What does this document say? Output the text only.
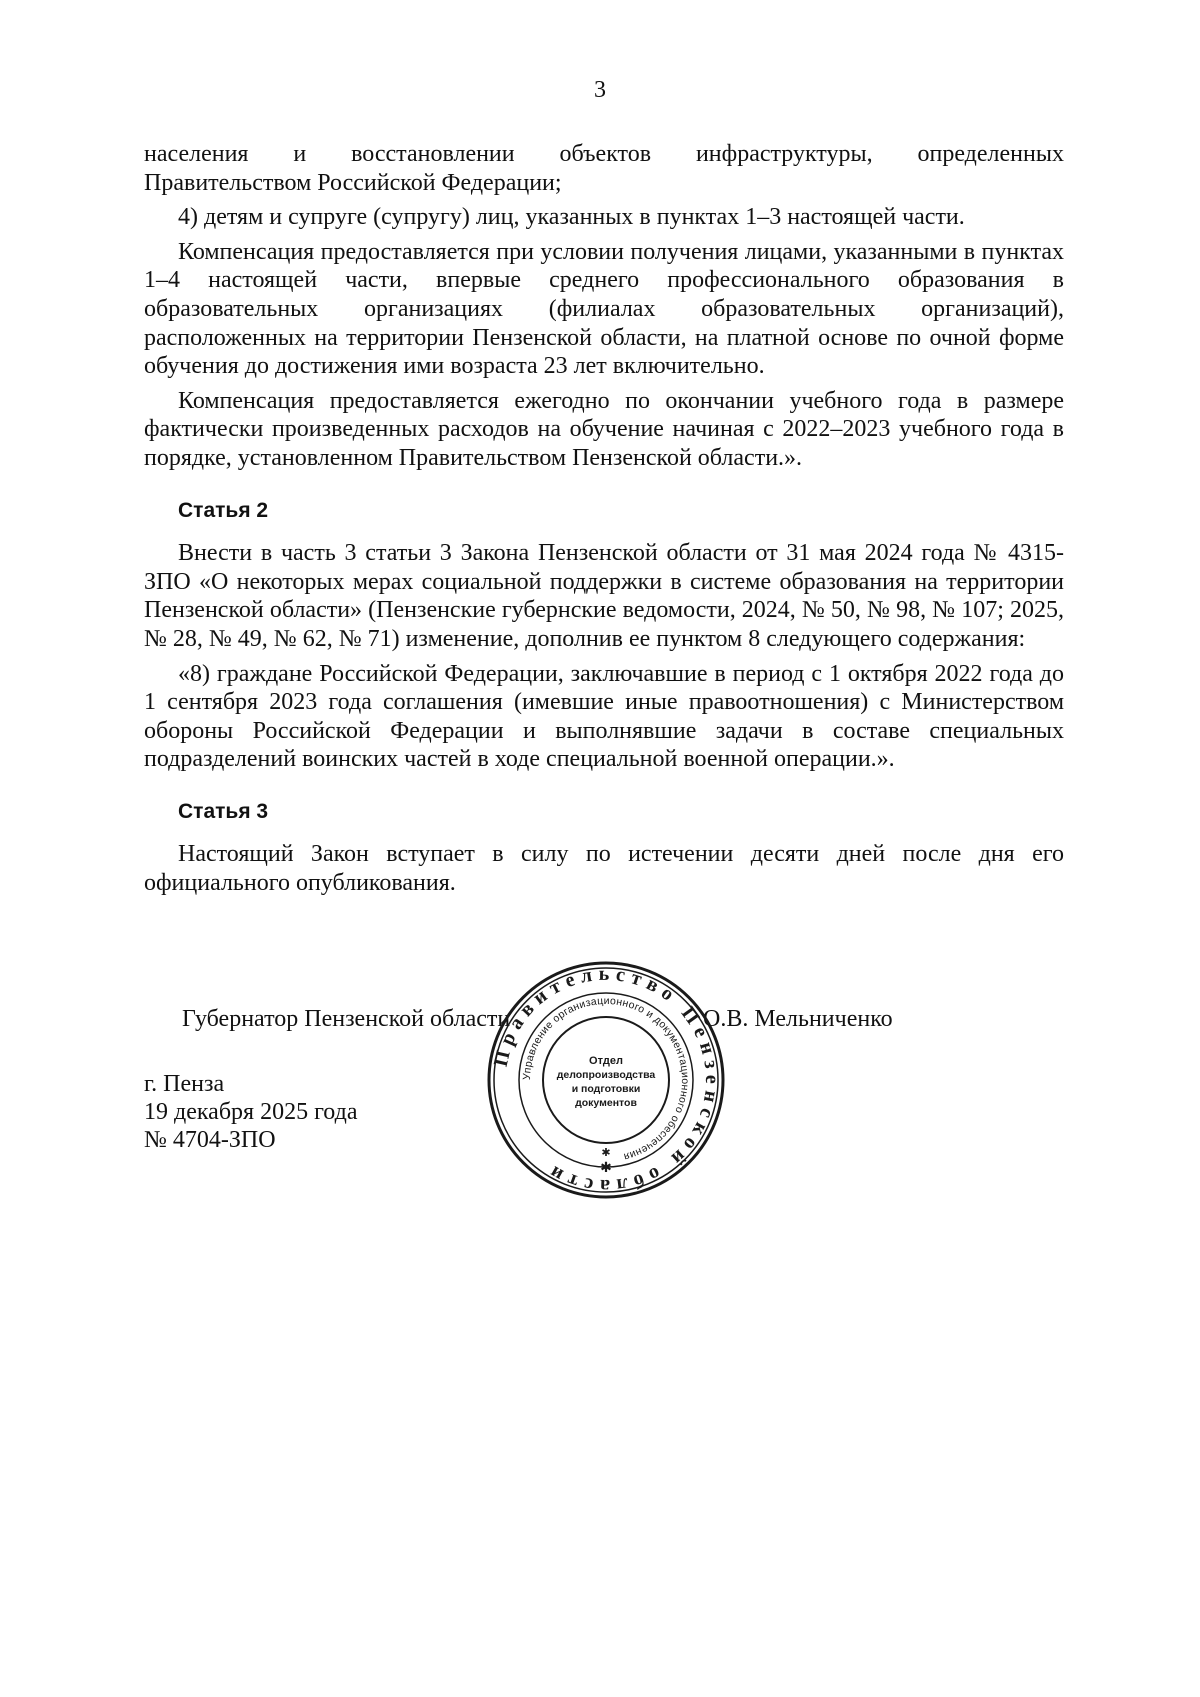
3

населения и восстановлении объектов инфраструктуры, определенных

Правительством Российской Федерации;

4) детям и супруге (супругу) лиц, указанных в пунктах 1–3 настоящей части.

Компенсация предоставляется при условии получения лицами, указанными в пунктах 1–4 настоящей части, впервые среднего профессионального образования в образовательных организациях (филиалах образовательных организаций), расположенных на территории Пензенской области, на платной основе по очной форме обучения до достижения ими возраста 23 лет включительно.

Компенсация предоставляется ежегодно по окончании учебного года в размере фактически произведенных расходов на обучение начиная с 2022–2023 учебного года в порядке, установленном Правительством Пензенской области.».

Статья 2

Внести в часть 3 статьи 3 Закона Пензенской области от 31 мая 2024 года № 4315-ЗПО «О некоторых мерах социальной поддержки в системе образования на территории Пензенской области» (Пензенские губернские ведомости, 2024, № 50, № 98, № 107; 2025, № 28, № 49, № 62, № 71) изменение, дополнив ее пунктом 8 следующего содержания:

«8) граждане Российской Федерации, заключавшие в период с 1 октября 2022 года до 1 сентября 2023 года соглашения (имевшие иные правоотношения) с Министерством обороны Российской Федерации и выполнявшие задачи в составе специальных подразделений воинских частей в ходе специальной военной операции.».

Статья 3

Настоящий Закон вступает в силу по истечении десяти дней после дня его официального опубликования.

Губернатор Пензенской области	О.В. Мельниченко
г. Пенза
19 декабря 2025 года
№ 4704-ЗПО
Правительство Пензенской области
Управление организационного и документационного обеспечения
Отдел
делопроизводства
и подготовки
документов
✱
✱
